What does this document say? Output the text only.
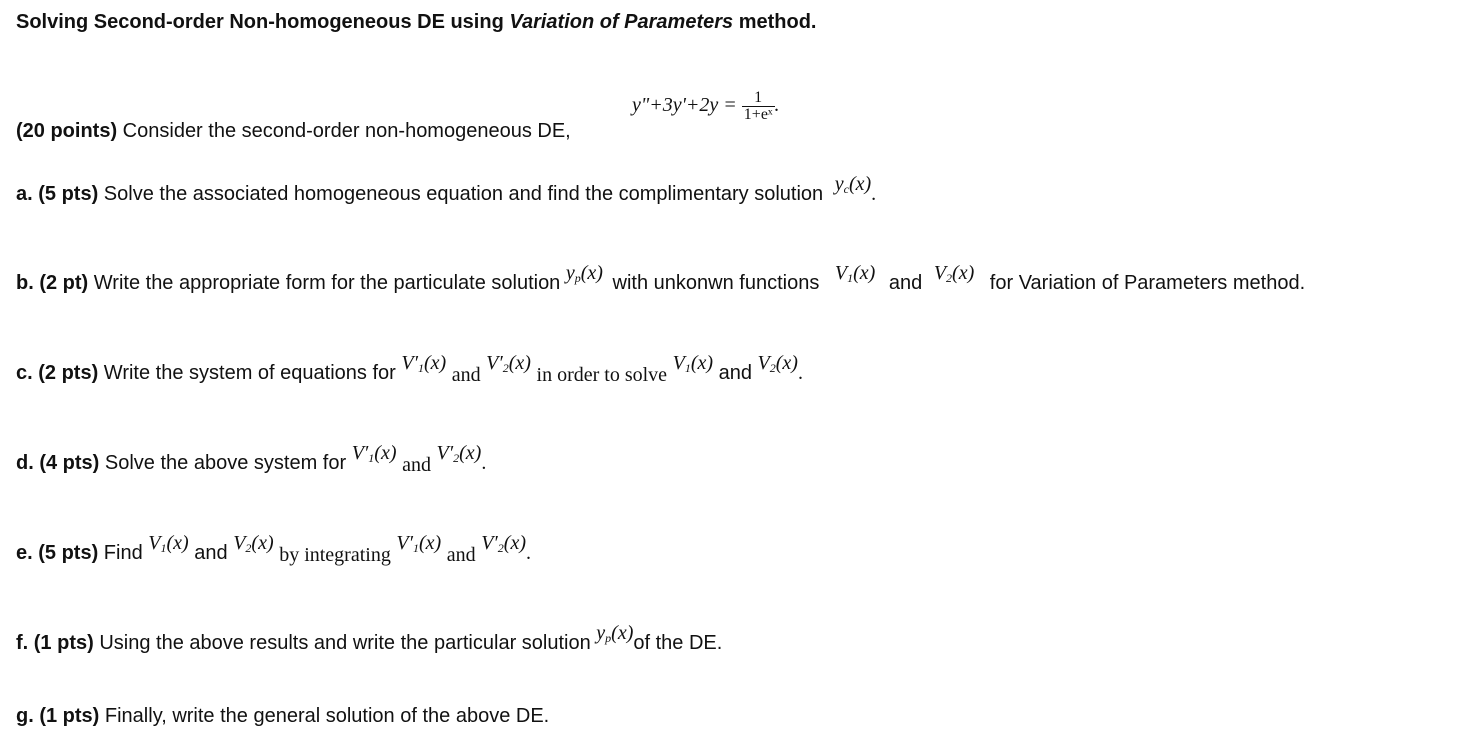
Solving Second-order Non-homogeneous DE using Variation of Parameters method.
y"+3y'+2y = $\frac{1}{\text{1+eˣ}}$ .
(20 points) Consider the second-order non-homogeneous DE,
a. (5 pts) Solve the associated homogeneous equation and find the complimentary solution $y_c(x)$.
b. (2 pt) Write the appropriate form for the particulate solution $y_p(x)$ with unkonwn functions $V_1(x)$ and $V_2(x)$ for Variation of Parameters method.
c. (2 pts) Write the system of equations for $V'_1(x)$ and $V'_2(x)$ in order to solve $V_1(x)$ and $V_2(x)$.
d. (4 pts) Solve the above system for $V'_1(x)$ and $V'_2(x)$.
e. (5 pts) Find $V_1(x)$ and $V_2(x)$ by integrating $V'_1(x)$ and $V'_2(x)$.
f. (1 pts) Using the above results and write the particular solution $y_p(x)of$ the DE.
g. (1 pts) Finally, write the general solution of the above DE.
